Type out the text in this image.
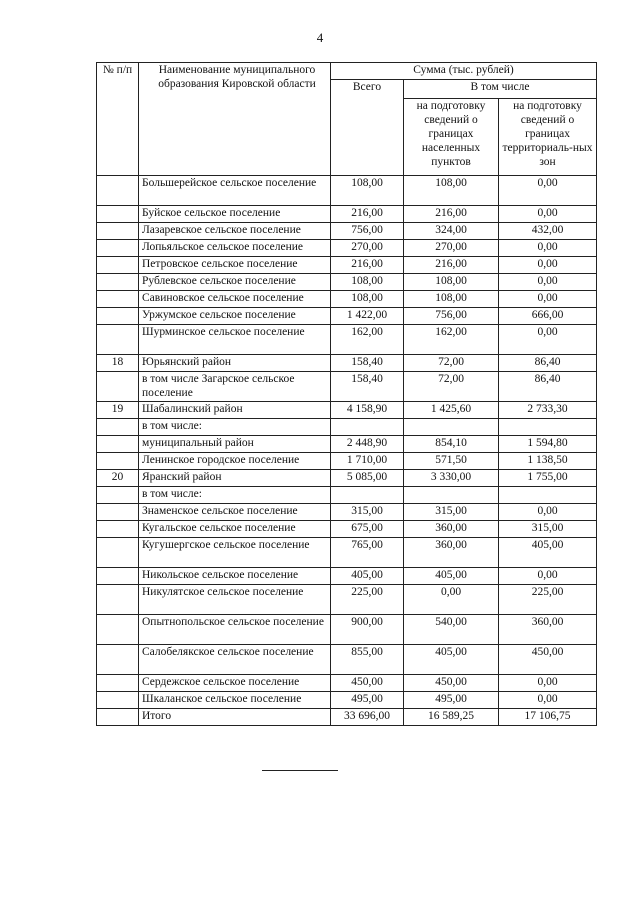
4
№ п/п	Наименование муниципального образования Кировской области	Сумма (тыс. рублей)		
		Всего	В том числе	
			на подготовку сведений о границах населенных пунктов	на подготовку сведений о границах территориаль-ных зон
	Большерейское сельское поселение	108,00	108,00	0,00
	Буйское сельское поселение	216,00	216,00	0,00
	Лазаревское сельское поселение	756,00	324,00	432,00
	Лопьяльское сельское поселение	270,00	270,00	0,00
	Петровское сельское поселение	216,00	216,00	0,00
	Рублевское сельское поселение	108,00	108,00	0,00
	Савиновское сельское поселение	108,00	108,00	0,00
	Уржумское сельское поселение	1 422,00	756,00	666,00
	Шурминское сельское поселение	162,00	162,00	0,00
18	Юрьянский район	158,40	72,00	86,40
	в том числе Загарское сельское поселение	158,40	72,00	86,40
19	Шабалинский район	4 158,90	1 425,60	2 733,30
	в том числе:			
	муниципальный район	2 448,90	854,10	1 594,80
	Ленинское городское поселение	1 710,00	571,50	1 138,50
20	Яранский район	5 085,00	3 330,00	1 755,00
	в том числе:			
	Знаменское сельское поселение	315,00	315,00	0,00
	Кугальское сельское поселение	675,00	360,00	315,00
	Кугушергское сельское поселение	765,00	360,00	405,00
	Никольское сельское поселение	405,00	405,00	0,00
	Никулятское сельское поселение	225,00	0,00	225,00
	Опытнопольское сельское поселение	900,00	540,00	360,00
	Салобелякское сельское поселение	855,00	405,00	450,00
	Сердежское сельское поселение	450,00	450,00	0,00
	Шкаланское сельское поселение	495,00	495,00	0,00
	Итого	33 696,00	16 589,25	17 106,75
